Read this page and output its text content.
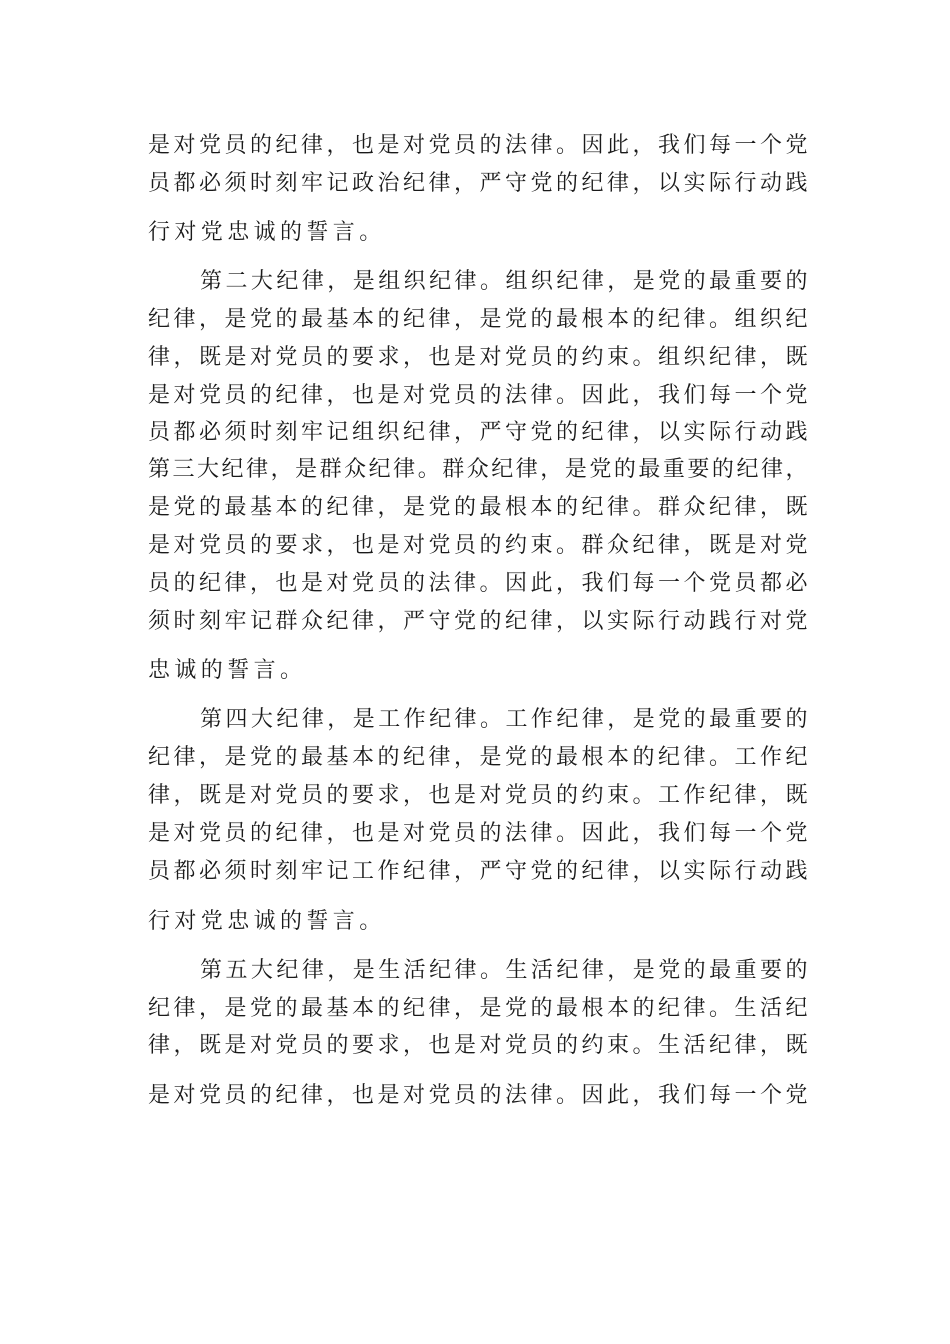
是对党员的纪律，也是对党员的法律。因此，我们每一个党
员都必须时刻牢记政治纪律，严守党的纪律，以实际行动践
行对党忠诚的誓言。
第二大纪律，是组织纪律。组织纪律，是党的最重要的
纪律，是党的最基本的纪律，是党的最根本的纪律。组织纪
律，既是对党员的要求，也是对党员的约束。组织纪律，既
是对党员的纪律，也是对党员的法律。因此，我们每一个党
员都必须时刻牢记组织纪律，严守党的纪律，以实际行动践
第三大纪律，是群众纪律。群众纪律，是党的最重要的纪律，
是党的最基本的纪律，是党的最根本的纪律。群众纪律，既
是对党员的要求，也是对党员的约束。群众纪律，既是对党
员的纪律，也是对党员的法律。因此，我们每一个党员都必
须时刻牢记群众纪律，严守党的纪律，以实际行动践行对党
忠诚的誓言。
第四大纪律，是工作纪律。工作纪律，是党的最重要的
纪律，是党的最基本的纪律，是党的最根本的纪律。工作纪
律，既是对党员的要求，也是对党员的约束。工作纪律，既
是对党员的纪律，也是对党员的法律。因此，我们每一个党
员都必须时刻牢记工作纪律，严守党的纪律，以实际行动践
行对党忠诚的誓言。
第五大纪律，是生活纪律。生活纪律，是党的最重要的
纪律，是党的最基本的纪律，是党的最根本的纪律。生活纪
律，既是对党员的要求，也是对党员的约束。生活纪律，既
是对党员的纪律，也是对党员的法律。因此，我们每一个党
